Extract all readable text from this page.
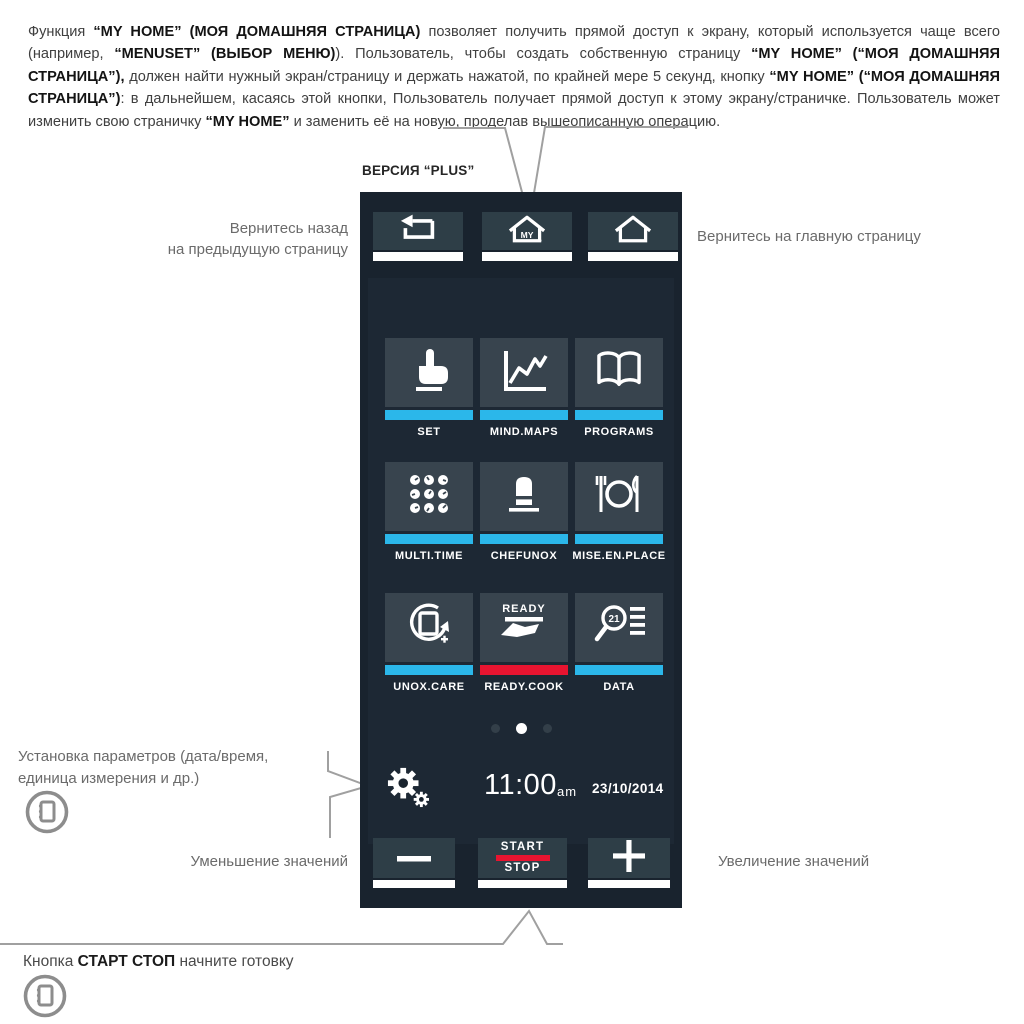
Функция “MY HOME” (МОЯ ДОМАШНЯЯ СТРАНИЦА) позволяет получить прямой доступ к экрану, который используется чаще всего (например, “MENUSET” (ВЫБОР МЕНЮ)). Пользователь, чтобы создать собственную страницу “MY HOME” (“МОЯ ДОМАШНЯЯ СТРАНИЦА”), должен найти нужный экран/страницу и держать нажатой, по крайней мере 5 секунд, кнопку “MY HOME” (“МОЯ ДОМАШНЯЯ СТРАНИЦА”): в дальнейшем, касаясь этой кнопки, Пользователь получает прямой доступ к этому экрану/страничке. Пользователь может изменить свою страничку “MY HOME” и заменить её на новую, проделав вышеописанную операцию.

ВЕРСИЯ “PLUS”
MY
*
SET	MIND.MAPS PROGRAMS
MULTI.TIME	CHEFUNOX MISE.EN.PLACE
UNOX.CARE
READY
READY.COOK
21
DATA
11:00 am 23/10/2014
START
STOP
Вернитесь назад
на предыдущую страницу
Вернитесь на главную страницу
Установка параметров (дата/время,
единица измерения и др.)
Уменьшение значений	Увеличение значений
Кнопка СТАРТ СТОП начните готовку
